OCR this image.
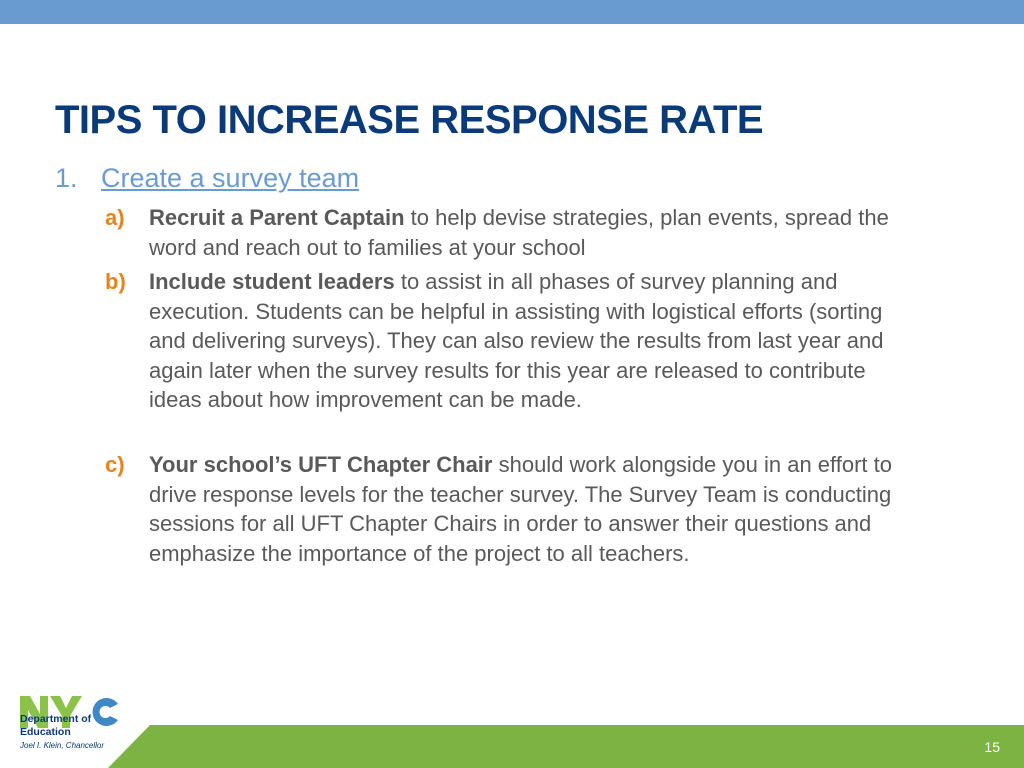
TIPS TO INCREASE RESPONSE RATE
1. Create a survey team
a) Recruit a Parent Captain to help devise strategies, plan events, spread the word and reach out to families at your school
b) Include student leaders to assist in all phases of survey planning and execution. Students can be helpful in assisting with logistical efforts (sorting and delivering surveys). They can also review the results from last year and again later when the survey results for this year are released to contribute ideas about how improvement can be made.
c) Your school’s UFT Chapter Chair should work alongside you in an effort to drive response levels for the teacher survey. The Survey Team is conducting sessions for all UFT Chapter Chairs in order to answer their questions and emphasize the importance of the project to all teachers.
15
Department of
Education
Joel I. Klein, Chancellor
